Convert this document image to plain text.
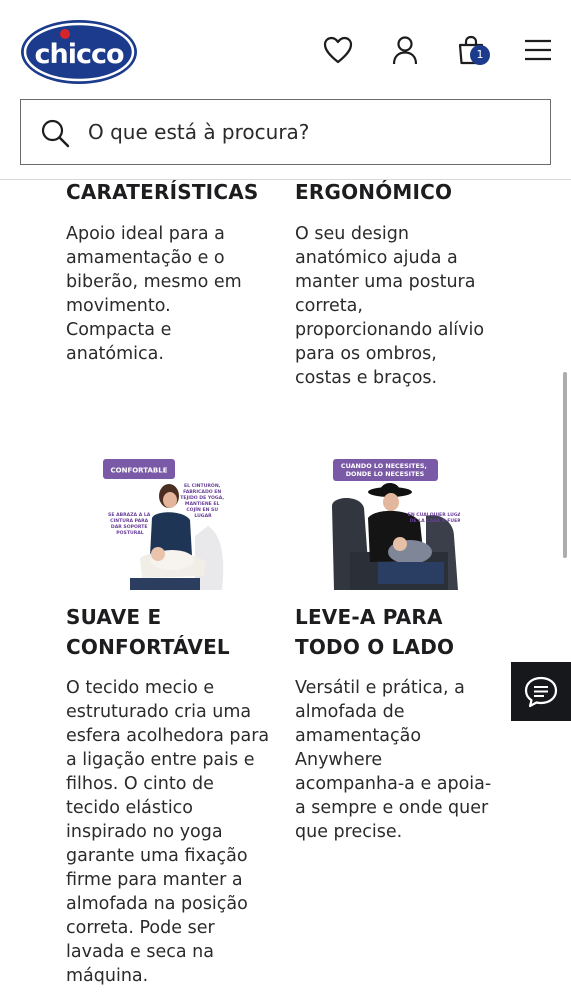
chicco	1
O que está à procura?
CARATERÍSTICAS
Apoio ideal para a
amamentação e o
biberão, mesmo em
movimento.
Compacta e
anatómica.
ERGONÓMICO
O seu design
anatómico ajuda a
manter uma postura
correta,
proporcionando alívio
para os ombros,
costas e braços.
CONFORTABLE
EL CINTURÓN, FABRICADO EN TEJIDO DE YOGA, MANTIENE EL COJÍN EN SU LUGAR
SE ABRAZA A LA CINTURA PARA DAR SOPORTE POSTURAL
CUANDO LO NECESITES, DONDE LO NECESITES
EN CUALQUIER LUGAR DE LA CASA O FUERA
SUAVE E
CONFORTÁVEL
O tecido mecio e
estruturado cria uma
esfera acolhedora para
a ligação entre pais e
filhos. O cinto de
tecido elástico
inspirado no yoga
garante uma fixação
firme para manter a
almofada na posição
correta. Pode ser
lavada e seca na
máquina.
LEVE-A PARA
TODO O LADO
Versátil e prática, a
almofada de
amamentação
Anywhere
acompanha-a e apoia-
a sempre e onde quer
que precise.
